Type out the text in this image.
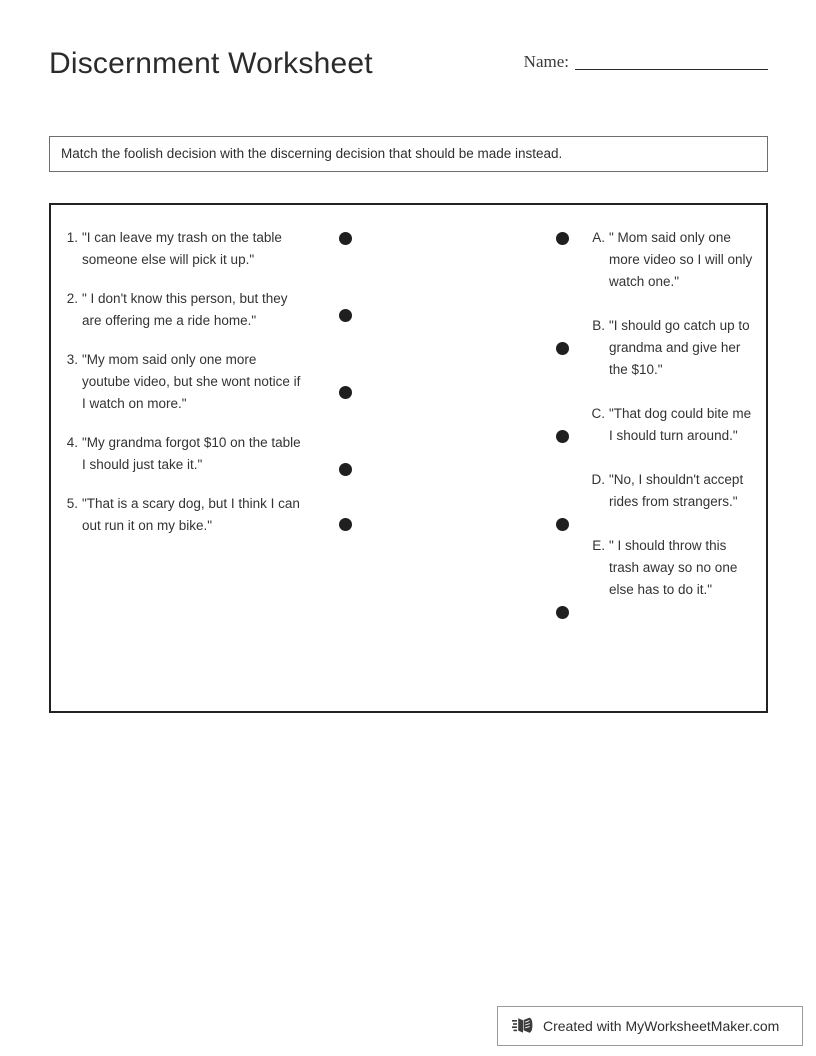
Discernment Worksheet	Name:
Match the foolish decision with the discerning decision that should be made instead.
1. "I can leave my trash on the table someone else will pick it up."
2. " I don't know this person, but they are offering me a ride home."
3. "My mom said only one more youtube video, but she wont notice if I watch on more."
4. "My grandma forgot $10 on the table I should just take it."
5. "That is a scary dog, but I think I can out run it on my bike."
A. " Mom said only one more video so I will only watch one."
B. "I should go catch up to grandma and give her the $10."
C. "That dog could bite me I should turn around."
D. "No, I shouldn't accept rides from strangers."
E. " I should throw this trash away so no one else has to do it."
Created with MyWorksheetMaker.com
